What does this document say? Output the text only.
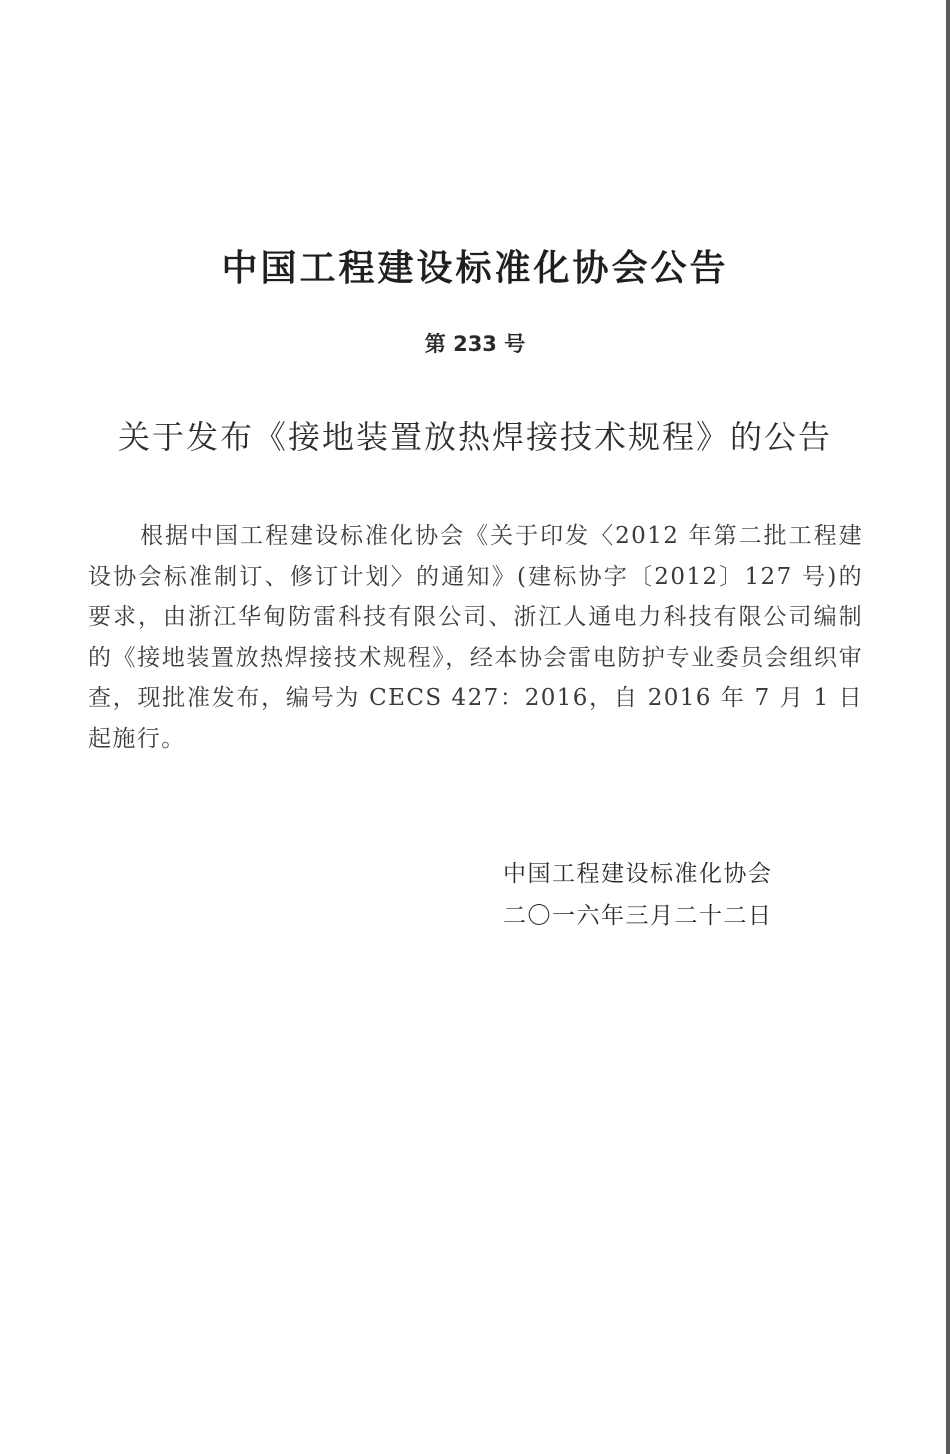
中国工程建设标准化协会公告
第 233 号
关于发布《接地装置放热焊接技术规程》的公告

根据中国工程建设标准化协会《关于印发〈2012 年第二批工程建设协会标准制订、修订计划〉的通知》(建标协字〔2012〕127 号)的要求，由浙江华甸防雷科技有限公司、浙江人通电力科技有限公司编制的《接地装置放热焊接技术规程》，经本协会雷电防护专业委员会组织审查，现批准发布，编号为 CECS 427：2016，自 2016 年 7 月 1 日起施行。

中国工程建设标准化协会
二〇一六年三月二十二日
